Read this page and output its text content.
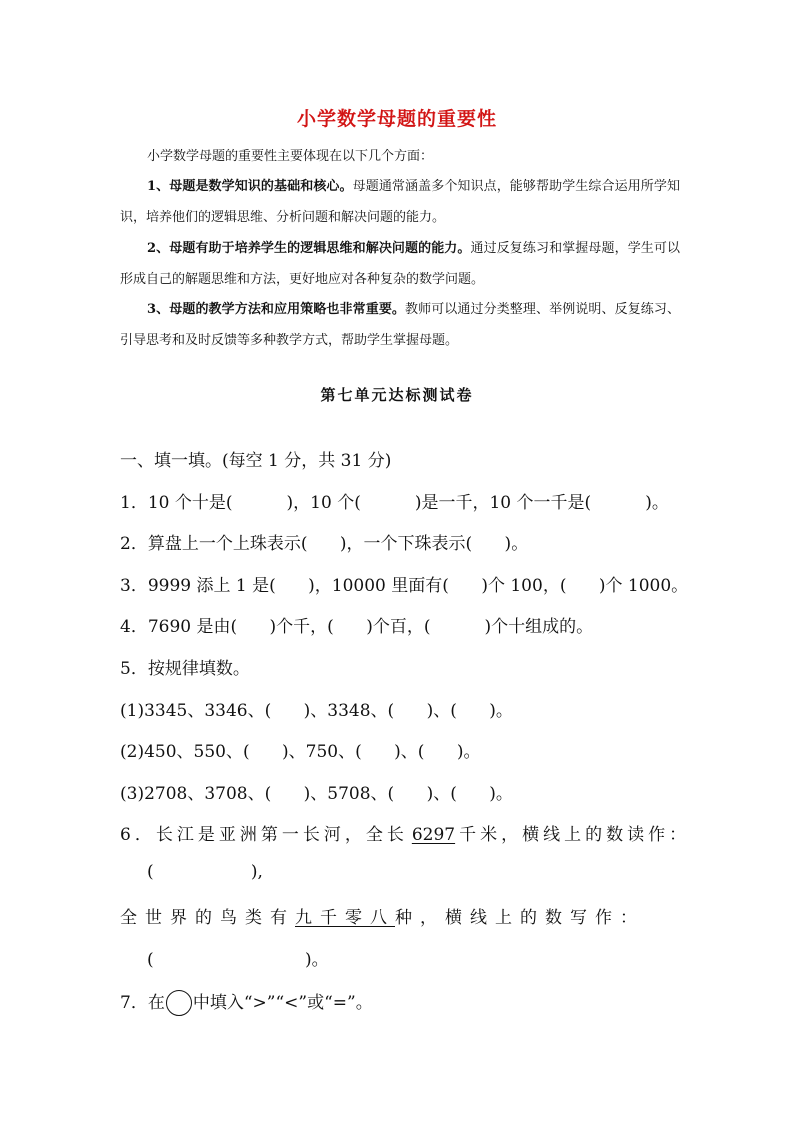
小学数学母题的重要性
小学数学母题的重要性主要体现在以下几个方面：
1、母题是数学知识的基础和核心。母题通常涵盖多个知识点，能够帮助学生综合运用所学知识，培养他们的逻辑思维、分析问题和解决问题的能力。
2、母题有助于培养学生的逻辑思维和解决问题的能力。通过反复练习和掌握母题，学生可以形成自己的解题思维和方法，更好地应对各种复杂的数学问题。
3、母题的教学方法和应用策略也非常重要。教师可以通过分类整理、举例说明、反复练习、引导思考和及时反馈等多种教学方式，帮助学生掌握母题。
第七单元达标测试卷
一、填一填。(每空 1 分，共 31 分)
1．10 个十是(          )，10 个(          )是一千，10 个一千是(          )。
2．算盘上一个上珠表示(      )，一个下珠表示(      )。
3．9999 添上 1 是(      )，10000 里面有(      )个 100，(      )个 1000。
4．7690 是由(      )个千，(      )个百，(          )个十组成的。
5．按规律填数。
(1)3345、3346、(      )、3348、(      )、(      )。
(2)450、550、(      )、750、(      )、(      )。
(3)2708、3708、(      )、5708、(      )、(      )。
6．长江是亚洲第一长河，全长 6297 千米，横线上的数读作：
(                  ),
全世界的鸟类有九千零八种，横线上的数写作：
(                            )。
7．在 中填入“>”“<”或“=”。
